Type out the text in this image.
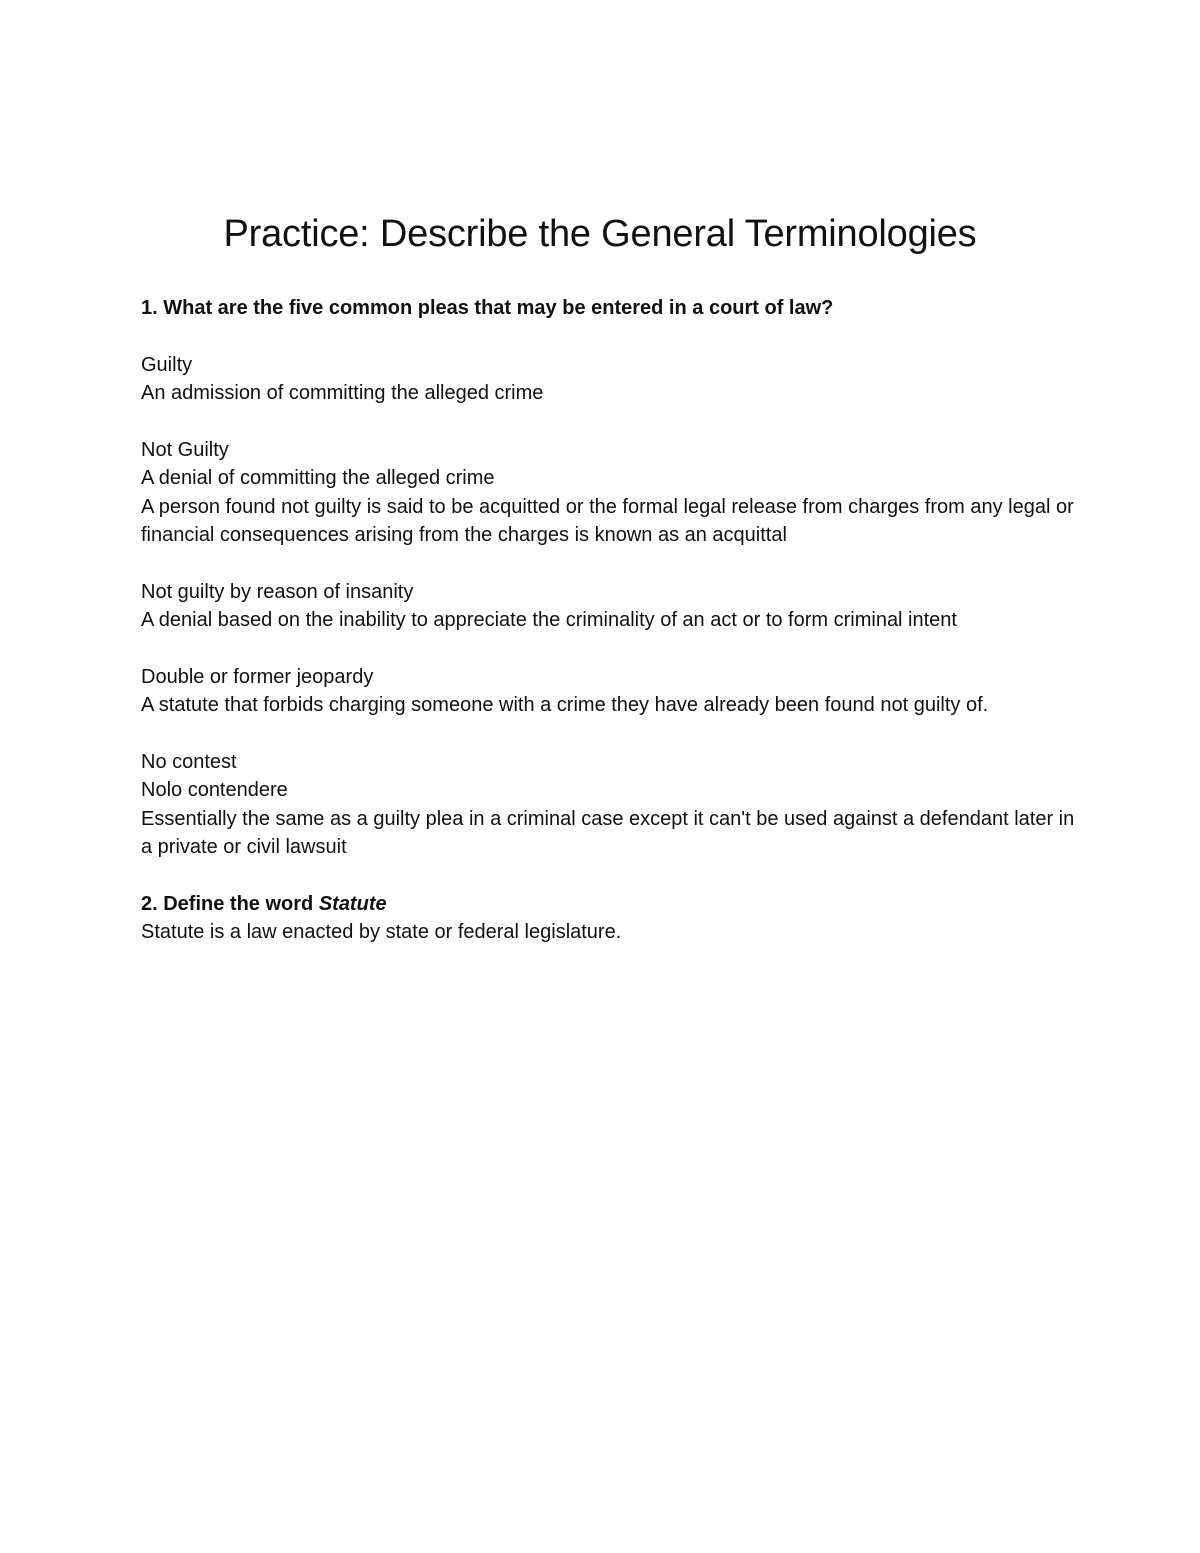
Practice: Describe the General Terminologies

1. What are the five common pleas that may be entered in a court of law?

Guilty

An admission of committing the alleged crime

Not Guilty

A denial of committing the alleged crime

A person found not guilty is said to be acquitted or the formal legal release from charges from any legal or financial consequences arising from the charges is known as an acquittal

Not guilty by reason of insanity

A denial based on the inability to appreciate the criminality of an act or to form criminal intent

Double or former jeopardy

A statute that forbids charging someone with a crime they have already been found not guilty of.

No contest

Nolo contendere

Essentially the same as a guilty plea in a criminal case except it can't be used against a defendant later in a private or civil lawsuit

2. Define the word Statute

Statute is a law enacted by state or federal legislature.
